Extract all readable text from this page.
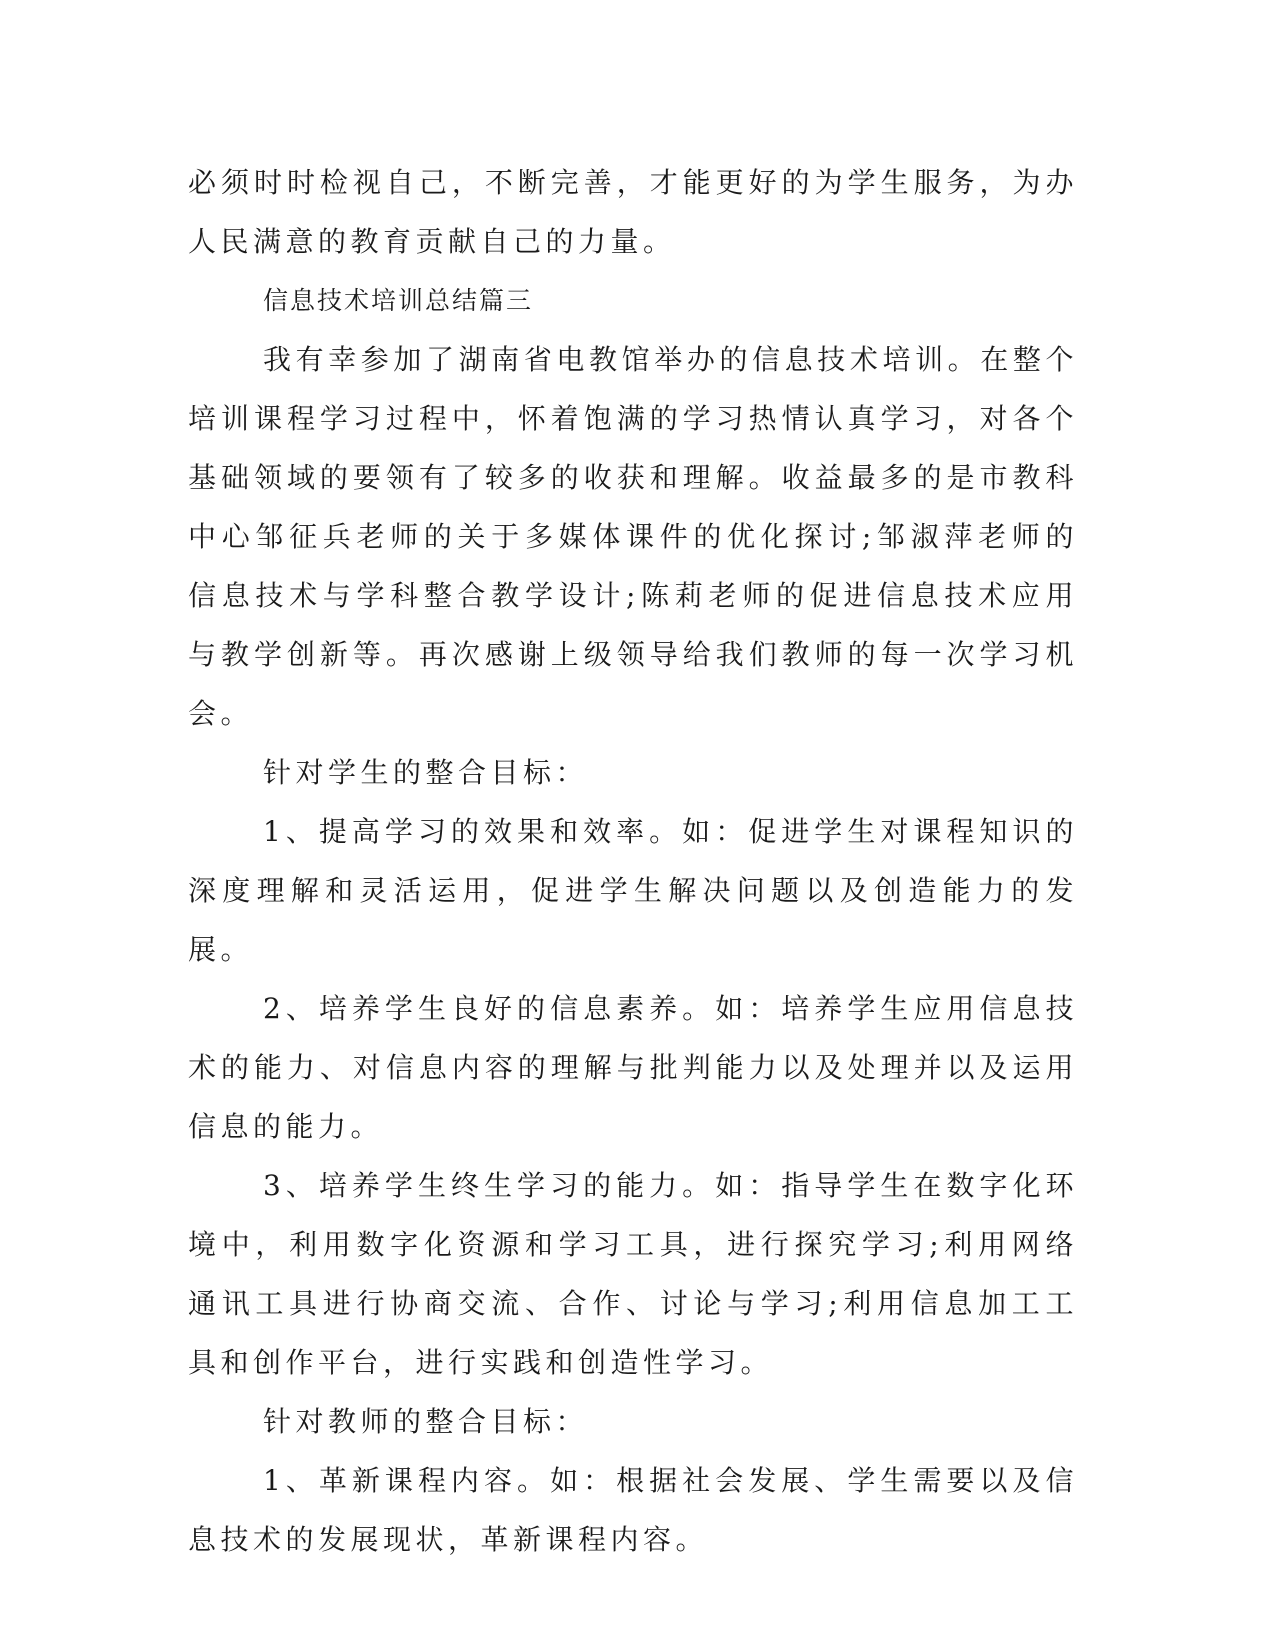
必须时时检视自己，不断完善，才能更好的为学生服务，为办人民满意的教育贡献自己的力量。

信息技术培训总结篇三

我有幸参加了湖南省电教馆举办的信息技术培训。在整个培训课程学习过程中，怀着饱满的学习热情认真学习，对各个基础领域的要领有了较多的收获和理解。收益最多的是市教科中心邹征兵老师的关于多媒体课件的优化探讨;邹淑萍老师的信息技术与学科整合教学设计;陈莉老师的促进信息技术应用与教学创新等。再次感谢上级领导给我们教师的每一次学习机会。

针对学生的整合目标：

1、提高学习的效果和效率。如：促进学生对课程知识的深度理解和灵活运用，促进学生解决问题以及创造能力的发展。

2、培养学生良好的信息素养。如：培养学生应用信息技术的能力、对信息内容的理解与批判能力以及处理并以及运用信息的能力。

3、培养学生终生学习的能力。如：指导学生在数字化环境中，利用数字化资源和学习工具，进行探究学习;利用网络通讯工具进行协商交流、合作、讨论与学习;利用信息加工工具和创作平台，进行实践和创造性学习。

针对教师的整合目标：

1、革新课程内容。如：根据社会发展、学生需要以及信息技术的发展现状，革新课程内容。
